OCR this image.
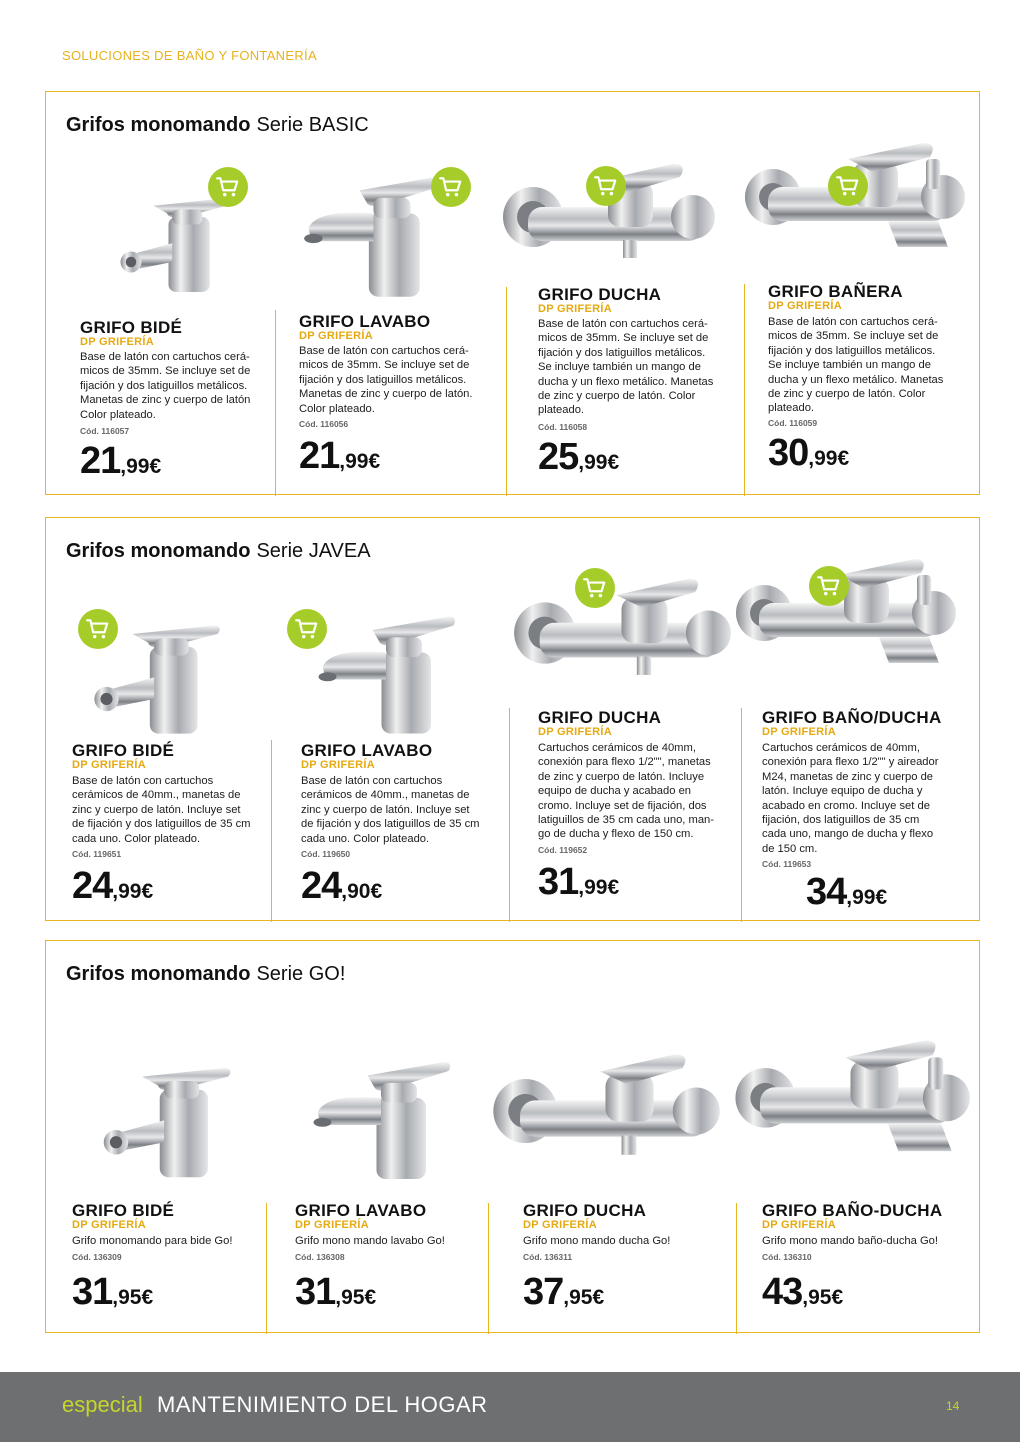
SOLUCIONES DE BAÑO Y FONTANERÍA
Grifos monomando Serie BASIC
GRIFO BIDÉ
DP GRIFERÍA
Base de latón con cartuchos cerá-
micos de 35mm. Se incluye set de
fijación y dos latiguillos metálicos.
Manetas de zinc y cuerpo de latón
Color plateado.
Cód. 116057
21,99€
GRIFO LAVABO
DP GRIFERÍA
Base de latón con cartuchos cerá-
micos de 35mm. Se incluye set de
fijación y dos latiguillos metálicos.
Manetas de zinc y cuerpo de latón.
Color plateado.
Cód. 116056
21,99€
GRIFO DUCHA
DP GRIFERÍA
Base de latón con cartuchos cerá-
micos de 35mm. Se incluye set de
fijación y dos latiguillos metálicos.
Se incluye también un mango de
ducha y un flexo metálico. Manetas
de zinc y cuerpo de latón. Color
plateado.
Cód. 116058
25,99€
GRIFO BAÑERA
DP GRIFERÍA
Base de latón con cartuchos cerá-
micos de 35mm. Se incluye set de
fijación y dos latiguillos metálicos.
Se incluye también un mango de
ducha y un flexo metálico. Manetas
de zinc y cuerpo de latón. Color
plateado.
Cód. 116059
30,99€
Grifos monomando Serie JAVEA
GRIFO BIDÉ
DP GRIFERÍA
Base de latón con cartuchos
cerámicos de 40mm., manetas de
zinc y cuerpo de latón. Incluye set
de fijación y dos latiguillos de 35 cm
cada uno. Color plateado.
Cód. 119651
24,99€
GRIFO LAVABO
DP GRIFERÍA
Base de latón con cartuchos
cerámicos de 40mm., manetas de
zinc y cuerpo de latón. Incluye set
de fijación y dos latiguillos de 35 cm
cada uno. Color plateado.
Cód. 119650
24,90€
GRIFO DUCHA
DP GRIFERÍA
Cartuchos cerámicos de 40mm,
conexión para flexo 1/2"", manetas
de zinc y cuerpo de latón. Incluye
equipo de ducha y acabado en
cromo. Incluye set de fijación, dos
latiguillos de 35 cm cada uno, man-
go de ducha y flexo de 150 cm.
Cód. 119652
31,99€
GRIFO BAÑO/DUCHA
DP GRIFERÍA
Cartuchos cerámicos de 40mm,
conexión para flexo 1/2"" y aireador
M24, manetas de zinc y cuerpo de
latón. Incluye equipo de ducha y
acabado en cromo. Incluye set de
fijación, dos latiguillos de 35 cm
cada uno, mango de ducha y flexo
de 150 cm.
Cód. 119653
34,99€
Grifos monomando Serie GO!
GRIFO BIDÉ
DP GRIFERÍA
Grifo monomando para bide Go!
Cód. 136309
31,95€
GRIFO LAVABO
DP GRIFERÍA
Grifo mono mando lavabo Go!
Cód. 136308
31,95€
GRIFO DUCHA
DP GRIFERÍA
Grifo mono mando ducha Go!
Cód. 136311
37,95€
GRIFO BAÑO-DUCHA
DP GRIFERÍA
Grifo mono mando baño-ducha Go!
Cód. 136310
43,95€
especial MANTENIMIENTO DEL HOGAR	14
